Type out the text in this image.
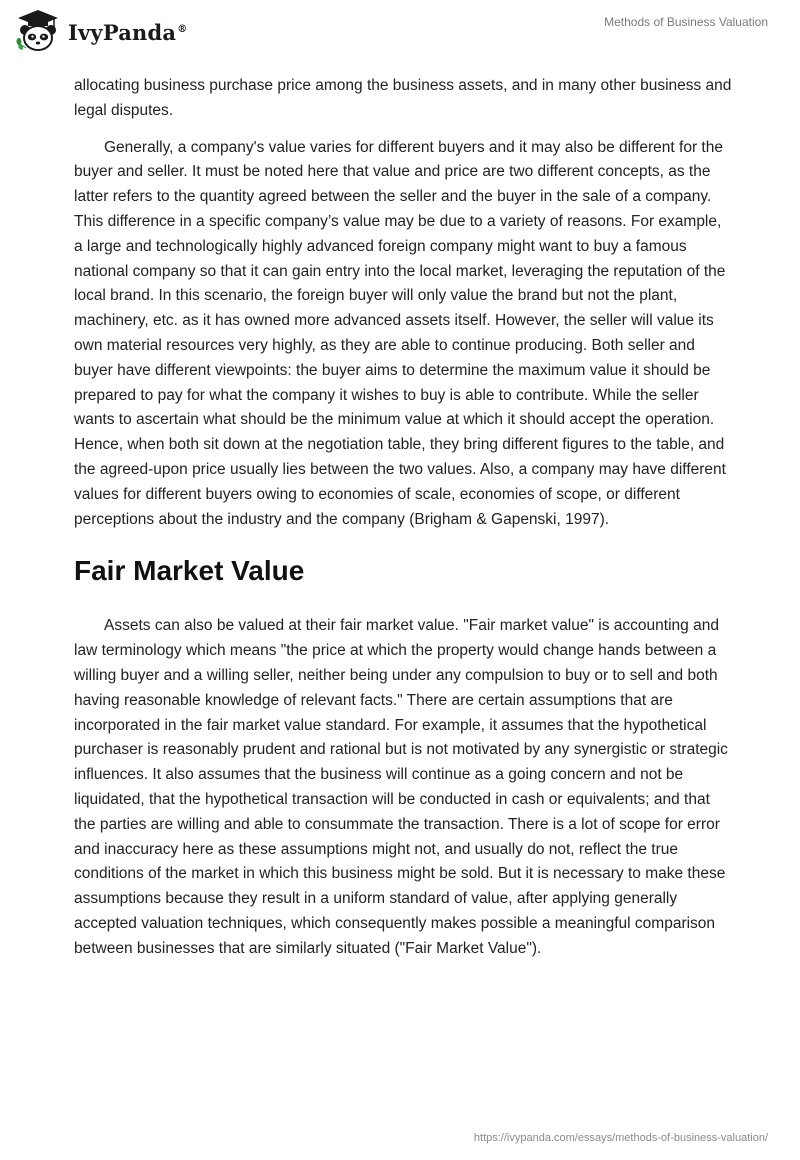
IvyPanda®	Methods of Business Valuation

allocating business purchase price among the business assets, and in many other business and legal disputes.

Generally, a company's value varies for different buyers and it may also be different for the buyer and seller. It must be noted here that value and price are two different concepts, as the latter refers to the quantity agreed between the seller and the buyer in the sale of a company. This difference in a specific company’s value may be due to a variety of reasons. For example, a large and technologically highly advanced foreign company might want to buy a famous national company so that it can gain entry into the local market, leveraging the reputation of the local brand. In this scenario, the foreign buyer will only value the brand but not the plant, machinery, etc. as it has owned more advanced assets itself. However, the seller will value its own material resources very highly, as they are able to continue producing. Both seller and buyer have different viewpoints: the buyer aims to determine the maximum value it should be prepared to pay for what the company it wishes to buy is able to contribute. While the seller wants to ascertain what should be the minimum value at which it should accept the operation. Hence, when both sit down at the negotiation table, they bring different figures to the table, and the agreed-upon price usually lies between the two values. Also, a company may have different values for different buyers owing to economies of scale, economies of scope, or different perceptions about the industry and the company (Brigham & Gapenski, 1997).

Fair Market Value

Assets can also be valued at their fair market value. "Fair market value" is accounting and law terminology which means "the price at which the property would change hands between a willing buyer and a willing seller, neither being under any compulsion to buy or to sell and both having reasonable knowledge of relevant facts." There are certain assumptions that are incorporated in the fair market value standard. For example, it assumes that the hypothetical purchaser is reasonably prudent and rational but is not motivated by any synergistic or strategic influences. It also assumes that the business will continue as a going concern and not be liquidated, that the hypothetical transaction will be conducted in cash or equivalents; and that the parties are willing and able to consummate the transaction. There is a lot of scope for error and inaccuracy here as these assumptions might not, and usually do not, reflect the true conditions of the market in which this business might be sold. But it is necessary to make these assumptions because they result in a uniform standard of value, after applying generally accepted valuation techniques, which consequently makes possible a meaningful comparison between businesses that are similarly situated ("Fair Market Value").

https://ivypanda.com/essays/methods-of-business-valuation/
